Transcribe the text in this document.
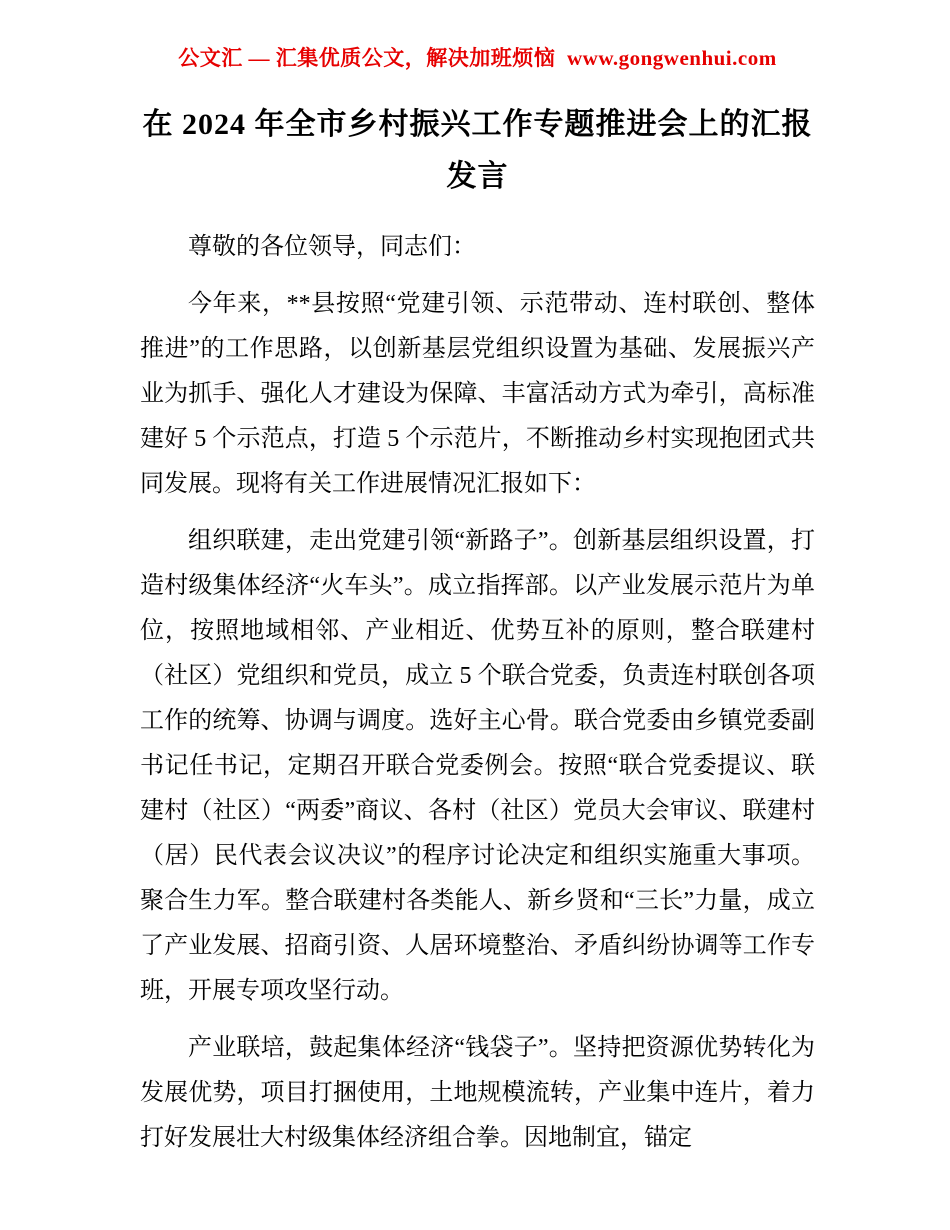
公文汇 — 汇集优质公文，解决加班烦恼 www.gongwenhui.com
在 2024 年全市乡村振兴工作专题推进会上的汇报发言

尊敬的各位领导，同志们：

今年来，**县按照“党建引领、示范带动、连村联创、整体推进”的工作思路，以创新基层党组织设置为基础、发展振兴产业为抓手、强化人才建设为保障、丰富活动方式为牵引，高标准建好 5 个示范点，打造 5 个示范片，不断推动乡村实现抱团式共同发展。现将有关工作进展情况汇报如下：

组织联建，走出党建引领“新路子”。创新基层组织设置，打造村级集体经济“火车头”。成立指挥部。以产业发展示范片为单位，按照地域相邻、产业相近、优势互补的原则，整合联建村（社区）党组织和党员，成立 5 个联合党委，负责连村联创各项工作的统筹、协调与调度。选好主心骨。联合党委由乡镇党委副书记任书记，定期召开联合党委例会。按照“联合党委提议、联建村（社区）“两委”商议、各村（社区）党员大会审议、联建村（居）民代表会议决议”的程序讨论决定和组织实施重大事项。聚合生力军。整合联建村各类能人、新乡贤和“三长”力量，成立了产业发展、招商引资、人居环境整治、矛盾纠纷协调等工作专班，开展专项攻坚行动。

产业联培，鼓起集体经济“钱袋子”。坚持把资源优势转化为发展优势，项目打捆使用，土地规模流转，产业集中连片，着力打好发展壮大村级集体经济组合拳。因地制宜，锚定
